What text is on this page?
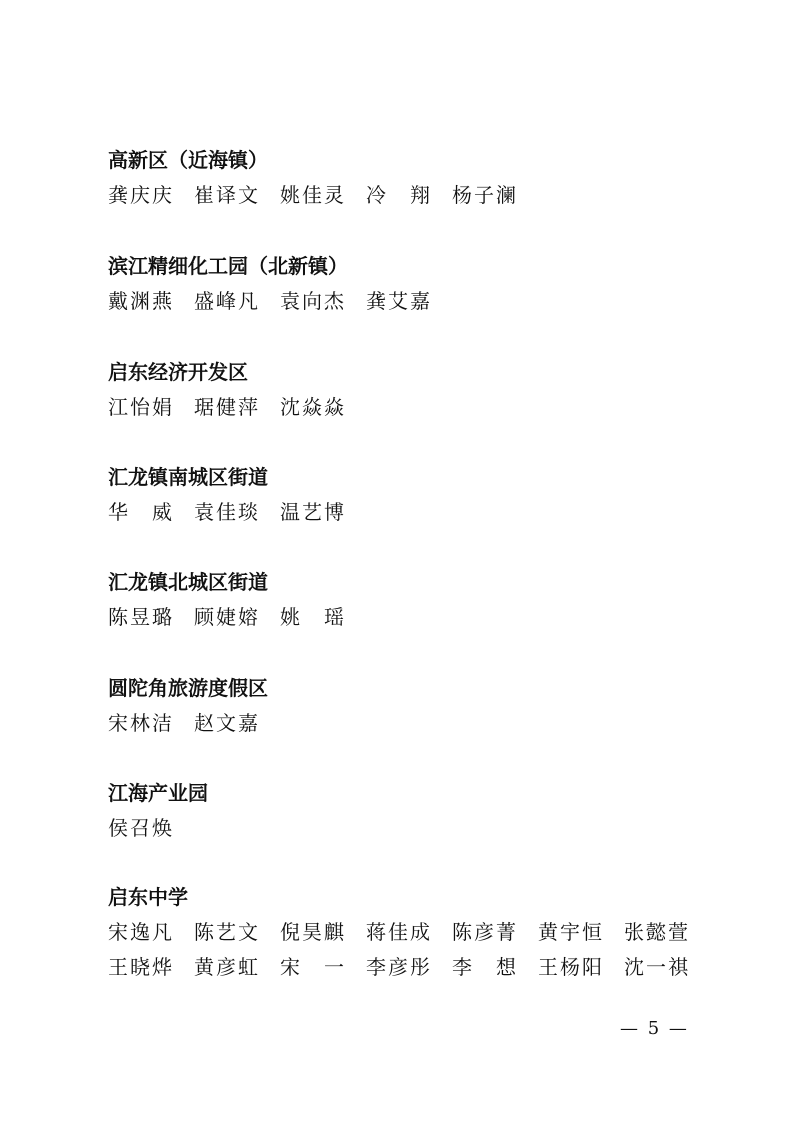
高新区（近海镇）
龚庆庆 崔译文 姚佳灵 冷　翔 杨子澜
滨江精细化工园（北新镇）
戴渊燕 盛峰凡 袁向杰 龚艾嘉
启东经济开发区
江怡娟 琚健萍 沈焱焱
汇龙镇南城区街道
华　威 袁佳琰 温艺博
汇龙镇北城区街道
陈昱璐 顾婕嫆 姚　瑶
圆陀角旅游度假区
宋林洁 赵文嘉
江海产业园
侯召焕
启东中学
宋逸凡 陈艺文 倪昊麒 蒋佳成 陈彦菁 黄宇恒 张懿萱
王晓烨 黄彦虹 宋　一 李彦彤 李　想 王杨阳 沈一祺
— 5 —
